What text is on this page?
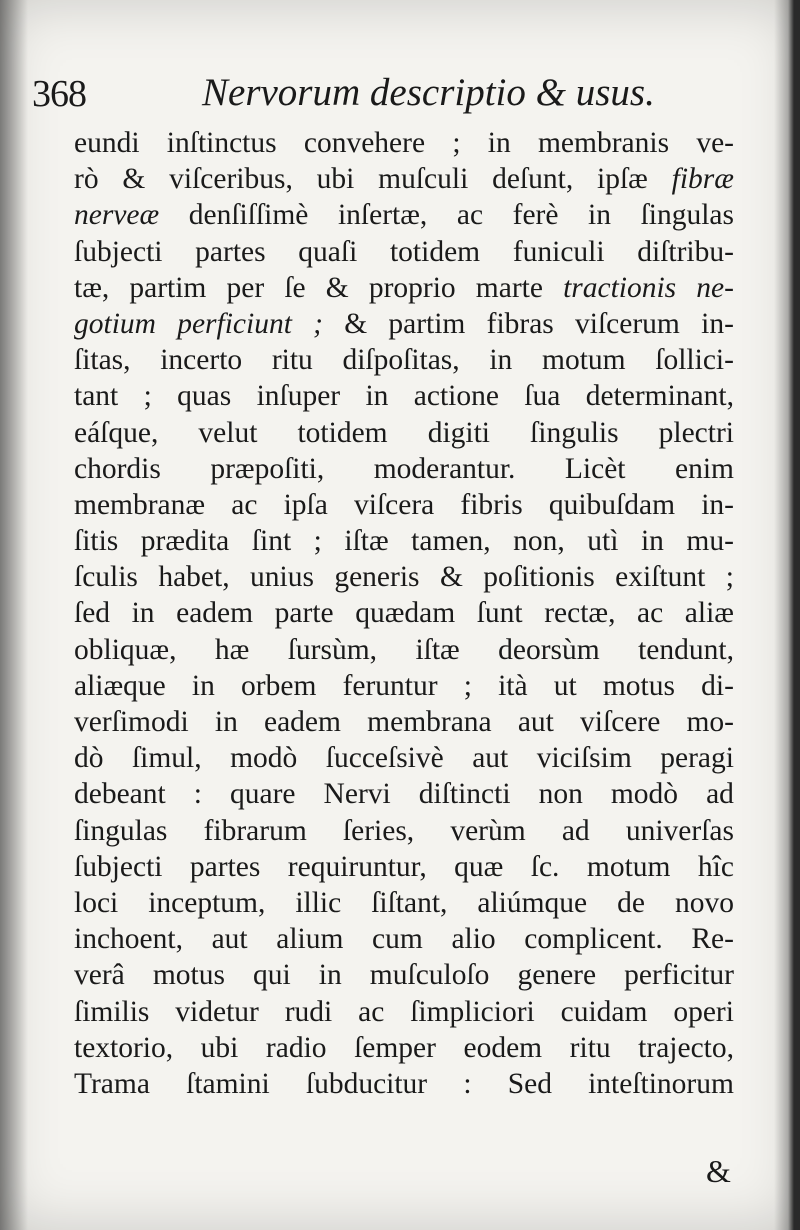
368	Nervorum descriptio & usus.
eundi inſtinctus convehere ; in membranis ve-
rò & viſceribus, ubi muſculi deſunt, ipſæ fibræ
nerveæ denſiſſimè inſertæ, ac ferè in ſingulas
ſubjecti partes quaſi totidem funiculi diſtribu-
tæ, partim per ſe & proprio marte tractionis ne-
gotium perficiunt ; & partim fibras viſcerum in-
ſitas, incerto ritu diſpoſitas, in motum ſollici-
tant ; quas inſuper in actione ſua determinant,
eáſque, velut totidem digiti ſingulis plectri
chordis præpoſiti, moderantur. Licèt enim
membranæ ac ipſa viſcera fibris quibuſdam in-
ſitis prædita ſint ; iſtæ tamen, non, utì in mu-
ſculis habet, unius generis & poſitionis exiſtunt ;
ſed in eadem parte quædam ſunt rectæ, ac aliæ
obliquæ, hæ ſursùm, iſtæ deorsùm tendunt,
aliæque in orbem feruntur ; ità ut motus di-
verſimodi in eadem membrana aut viſcere mo-
dò ſimul, modò ſucceſsivè aut viciſsim peragi
debeant : quare Nervi diſtincti non modò ad
ſingulas fibrarum ſeries, verùm ad univerſas
ſubjecti partes requiruntur, quæ ſc. motum hîc
loci inceptum, illic ſiſtant, aliúmque de novo
inchoent, aut alium cum alio complicent. Re-
verâ motus qui in muſculoſo genere perficitur
ſimilis videtur rudi ac ſimpliciori cuidam operi
textorio, ubi radio ſemper eodem ritu trajecto,
Trama ſtamini ſubducitur : Sed inteſtinorum
&
